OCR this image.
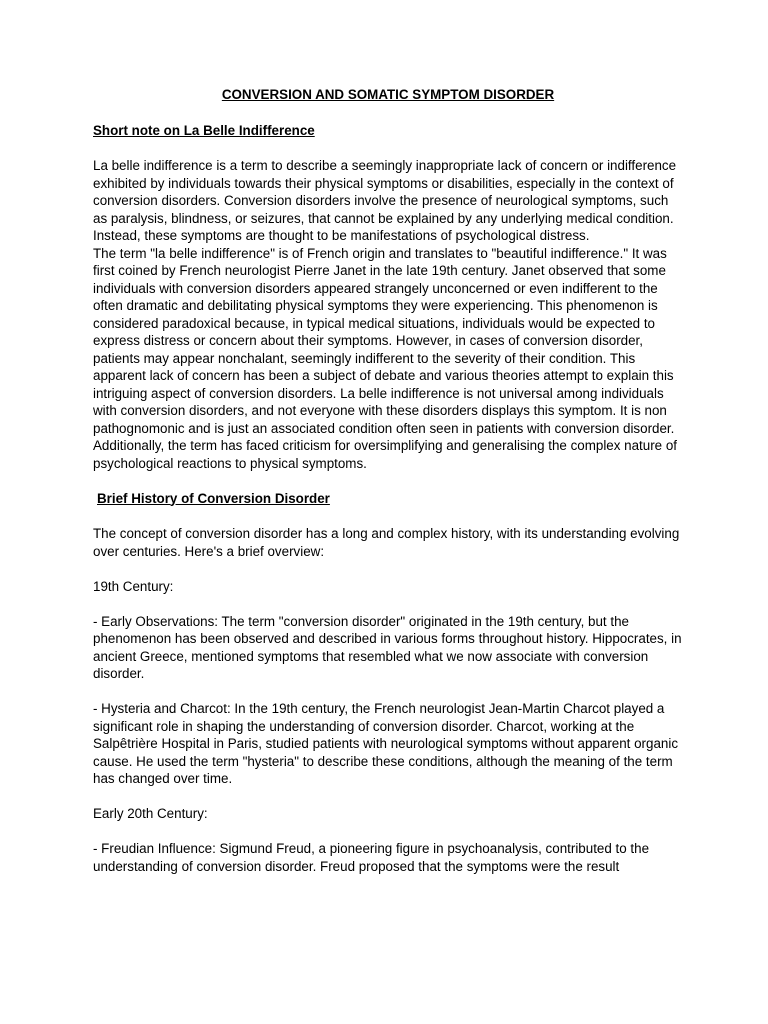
CONVERSION AND SOMATIC SYMPTOM DISORDER
Short note on La Belle Indifference

La belle indifference is a term to describe a seemingly inappropriate lack of concern or indifference exhibited by individuals towards their physical symptoms or disabilities, especially in the context of conversion disorders. Conversion disorders involve the presence of neurological symptoms, such as paralysis, blindness, or seizures, that cannot be explained by any underlying medical condition. Instead, these symptoms are thought to be manifestations of psychological distress.

The term "la belle indifference" is of French origin and translates to "beautiful indifference." It was first coined by French neurologist Pierre Janet in the late 19th century. Janet observed that some individuals with conversion disorders appeared strangely unconcerned or even indifferent to the often dramatic and debilitating physical symptoms they were experiencing. This phenomenon is considered paradoxical because, in typical medical situations, individuals would be expected to express distress or concern about their symptoms. However, in cases of conversion disorder, patients may appear nonchalant, seemingly indifferent to the severity of their condition. This apparent lack of concern has been a subject of debate and various theories attempt to explain this intriguing aspect of conversion disorders. La belle indifference is not universal among individuals with conversion disorders, and not everyone with these disorders displays this symptom. It is non pathognomonic and is just an associated condition often seen in patients with conversion disorder. Additionally, the term has faced criticism for oversimplifying and generalising the complex nature of psychological reactions to physical symptoms.

Brief History of Conversion Disorder

The concept of conversion disorder has a long and complex history, with its understanding evolving over centuries. Here's a brief overview:

19th Century:

- Early Observations: The term "conversion disorder" originated in the 19th century, but the phenomenon has been observed and described in various forms throughout history. Hippocrates, in ancient Greece, mentioned symptoms that resembled what we now associate with conversion disorder.

- Hysteria and Charcot: In the 19th century, the French neurologist Jean-Martin Charcot played a significant role in shaping the understanding of conversion disorder. Charcot, working at the Salpêtrière Hospital in Paris, studied patients with neurological symptoms without apparent organic cause. He used the term "hysteria" to describe these conditions, although the meaning of the term has changed over time.

Early 20th Century:

- Freudian Influence: Sigmund Freud, a pioneering figure in psychoanalysis, contributed to the understanding of conversion disorder. Freud proposed that the symptoms were the result
